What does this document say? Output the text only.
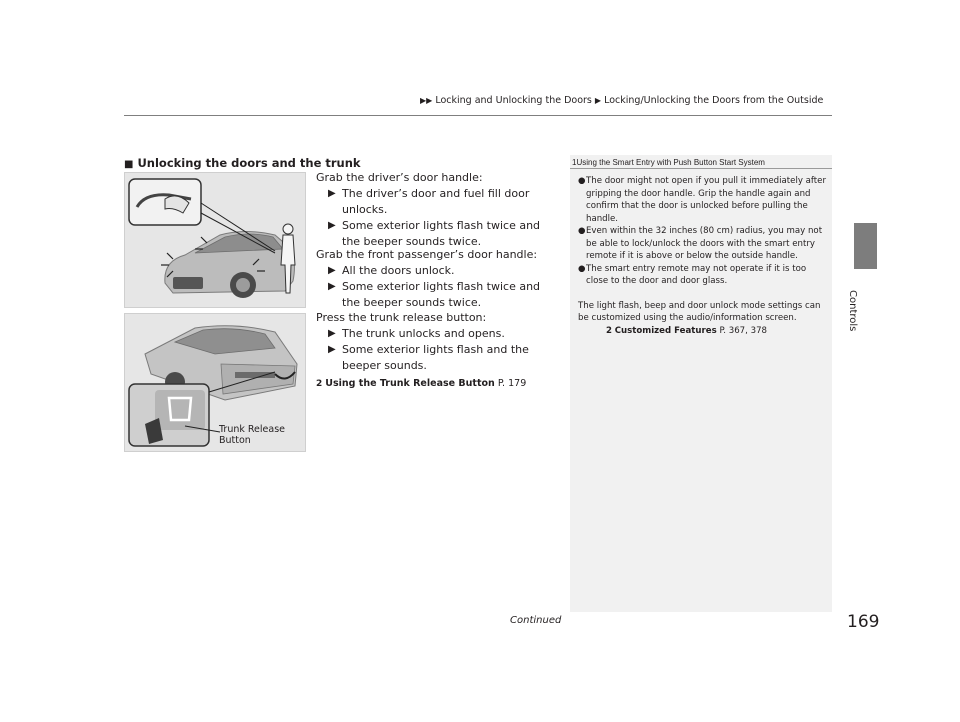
▶▶ Locking and Unlocking the Doors ▶ Locking/Unlocking the Doors from the Outside
Controls
■ Unlocking the doors and the trunk
Trunk Release
Button
Grab the driver’s door handle:
▶ The driver’s door and fuel fill door unlocks.
▶ Some exterior lights flash twice and the beeper sounds twice.
Grab the front passenger’s door handle:
▶ All the doors unlock.
▶ Some exterior lights flash twice and the beeper sounds twice.
Press the trunk release button:
▶ The trunk unlocks and opens.
▶ Some exterior lights flash and the beeper sounds.
2 Using the Trunk Release Button P. 179
1Using the Smart Entry with Push Button Start System
● The door might not open if you pull it immediately after gripping the door handle. Grip the handle again and confirm that the door is unlocked before pulling the handle.
● Even within the 32 inches (80 cm) radius, you may not be able to lock/unlock the doors with the smart entry remote if it is above or below the outside handle.
● The smart entry remote may not operate if it is too close to the door and door glass.
The light flash, beep and door unlock mode settings can be customized using the audio/information screen.
2 Customized Features P. 367, 378
Continued	169
